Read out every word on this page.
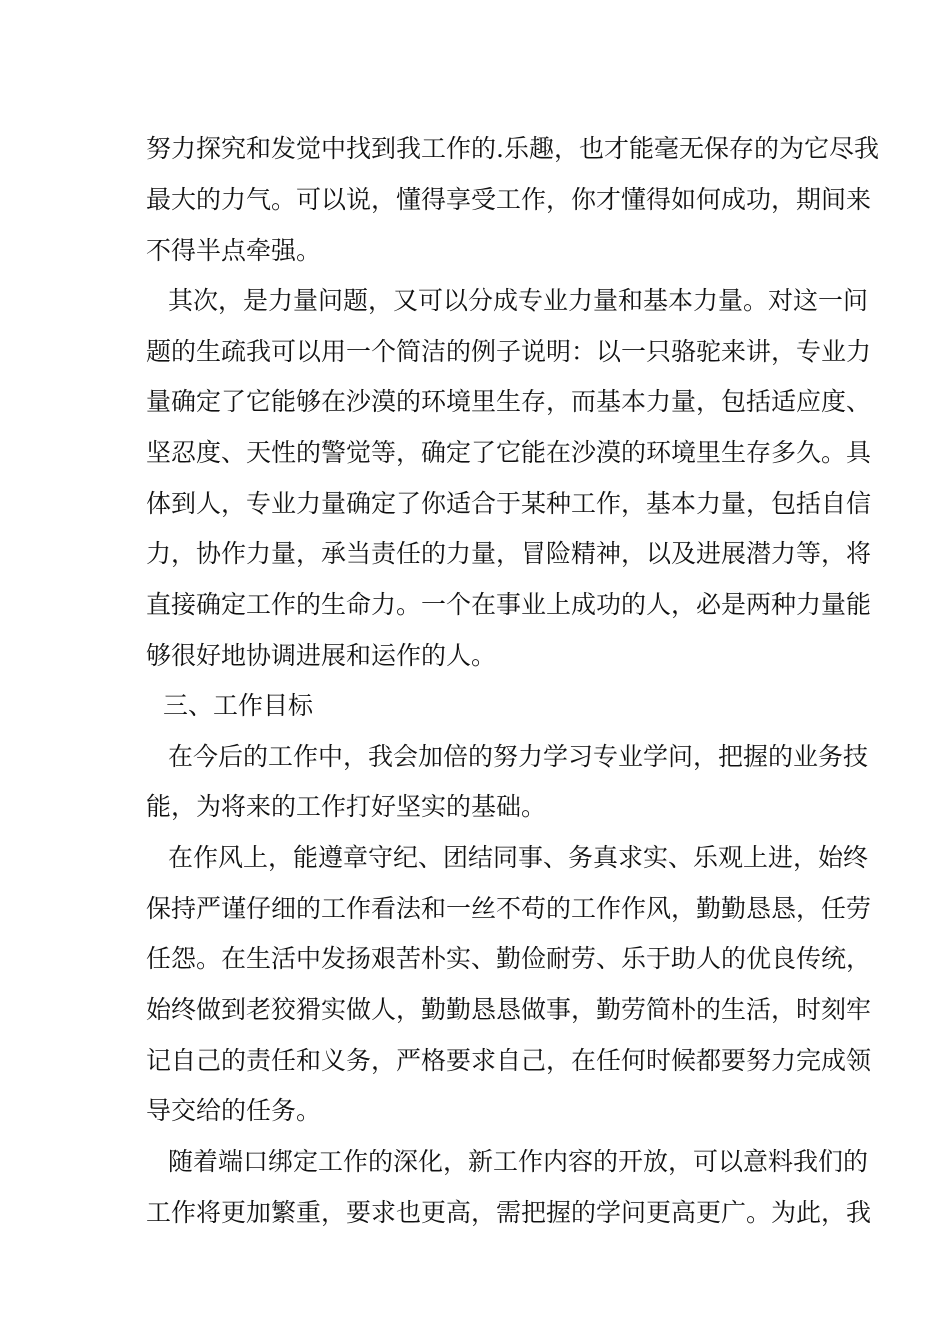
努力探究和发觉中找到我工作的.乐趣，也才能毫无保存的为它尽我
最大的力气。可以说，懂得享受工作，你才懂得如何成功，期间来
不得半点牵强。
其次，是力量问题，又可以分成专业力量和基本力量。对这一问
题的生疏我可以用一个简洁的例子说明：以一只骆驼来讲，专业力
量确定了它能够在沙漠的环境里生存，而基本力量，包括适应度、
坚忍度、天性的警觉等，确定了它能在沙漠的环境里生存多久。具
体到人，专业力量确定了你适合于某种工作，基本力量，包括自信
力，协作力量，承当责任的力量，冒险精神，以及进展潜力等，将
直接确定工作的生命力。一个在事业上成功的人，必是两种力量能
够很好地协调进展和运作的人。
三、工作目标
在今后的工作中，我会加倍的努力学习专业学问，把握的业务技
能，为将来的工作打好坚实的基础。
在作风上，能遵章守纪、团结同事、务真求实、乐观上进，始终
保持严谨仔细的工作看法和一丝不苟的工作作风，勤勤恳恳，任劳
任怨。在生活中发扬艰苦朴实、勤俭耐劳、乐于助人的优良传统，
始终做到老狡猾实做人，勤勤恳恳做事，勤劳简朴的生活，时刻牢
记自己的责任和义务，严格要求自己，在任何时候都要努力完成领
导交给的任务。
随着端口绑定工作的深化，新工作内容的开放，可以意料我们的
工作将更加繁重，要求也更高，需把握的学问更高更广。为此，我
